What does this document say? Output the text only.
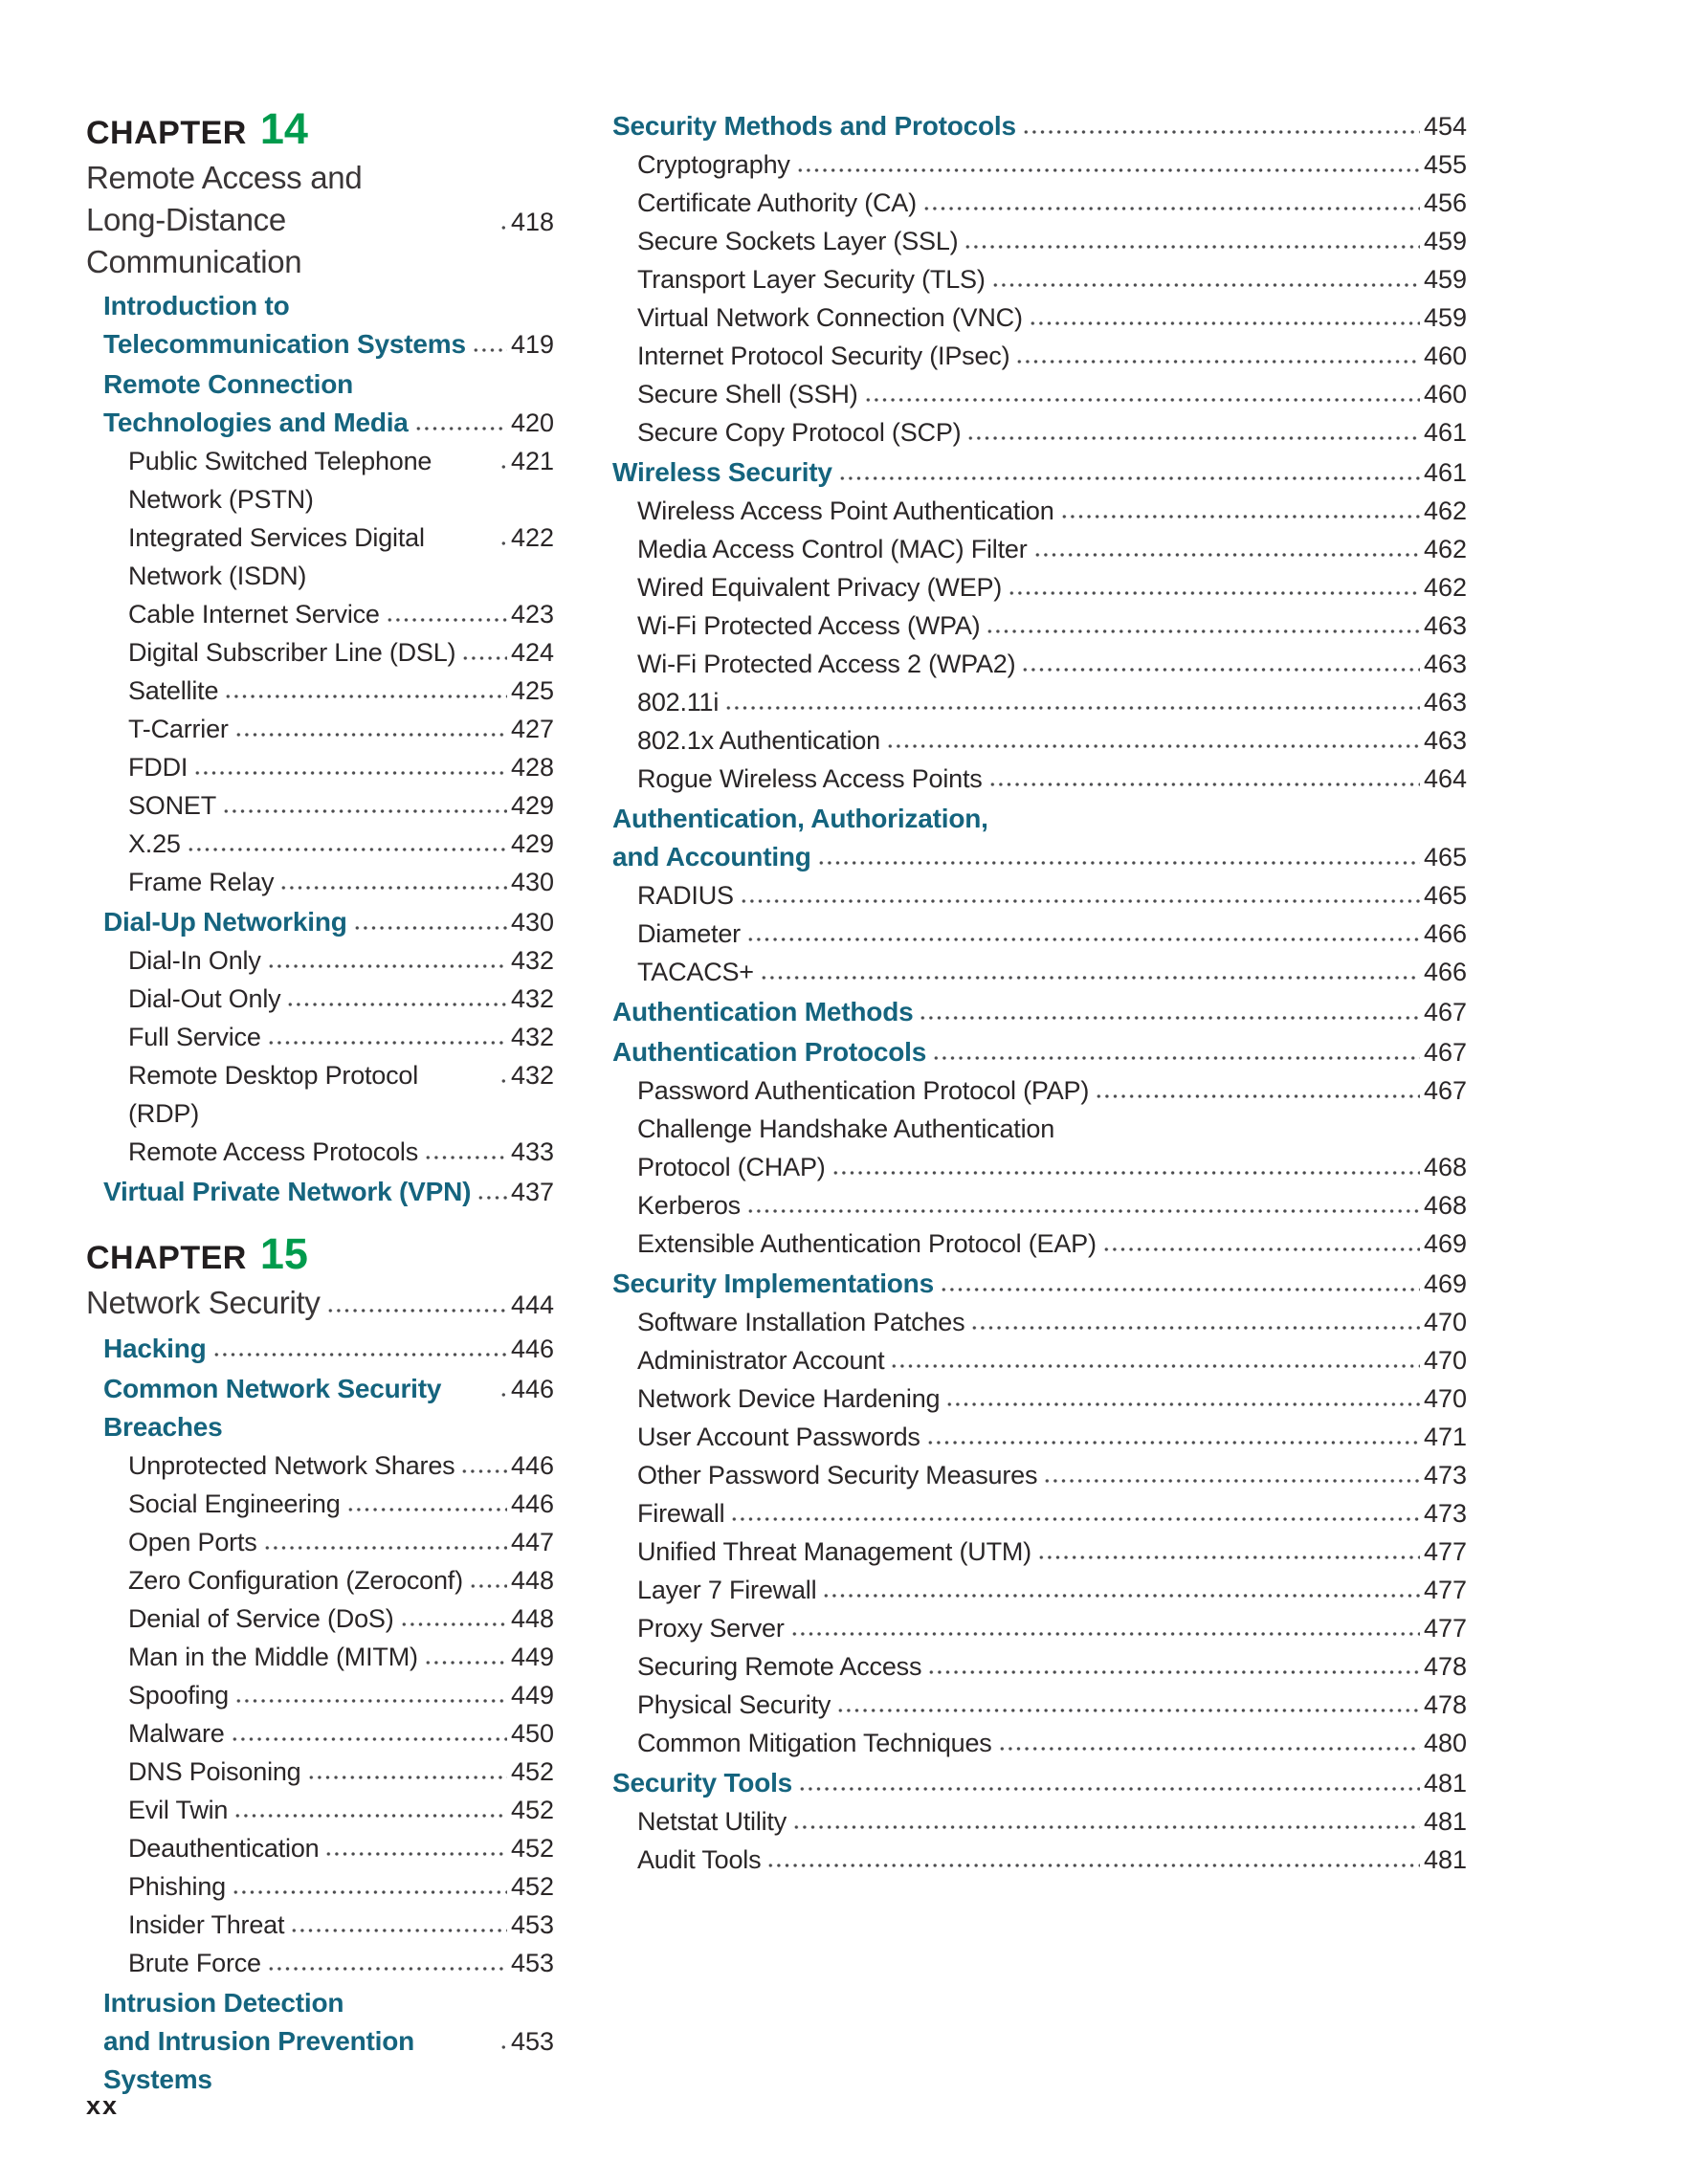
CHAPTER 14
Remote Access and
Long-Distance Communication
418
Introduction to
Telecommunication Systems 419
Remote Connection
Technologies and Media	420
Public Switched Telephone Network (PSTN)
421
Integrated Services Digital Network (ISDN)
422
Cable Internet Service	423
Digital Subscriber Line (DSL) 424
Satellite	425
T-Carrier	427
FDDI	428
SONET	429
X.25	429
Frame Relay	430
Dial-Up Networking	430
Dial-In Only	432
Dial-Out Only	432
Full Service	432
Remote Desktop Protocol (RDP)
432
Remote Access Protocols	433
Virtual Private Network (VPN) 437
CHAPTER 15
Network Security	444
Hacking	446
Common Network Security Breaches
446
Unprotected Network Shares 446
Social Engineering	446
Open Ports	447
Zero Configuration (Zeroconf) 448
Denial of Service (DoS)	448
Man in the Middle (MITM)	449
Spoofing	449
Malware	450
DNS Poisoning	452
Evil Twin	452
Deauthentication	452
Phishing	452
Insider Threat	453
Brute Force	453
Intrusion Detection
and Intrusion Prevention Systems
453
Security Methods and Protocols	454
Cryptography	455
Certificate Authority (CA)	456
Secure Sockets Layer (SSL)	459
Transport Layer Security (TLS)	459
Virtual Network Connection (VNC)	459
Internet Protocol Security (IPsec)	460
Secure Shell (SSH)	460
Secure Copy Protocol (SCP)	461
Wireless Security	461
Wireless Access Point Authentication	462
Media Access Control (MAC) Filter	462
Wired Equivalent Privacy (WEP)	462
Wi-Fi Protected Access (WPA)	463
Wi-Fi Protected Access 2 (WPA2)	463
802.11i	463
802.1x Authentication	463
Rogue Wireless Access Points	464
Authentication, Authorization,
and Accounting	465
RADIUS	465
Diameter	466
TACACS+	466
Authentication Methods	467
Authentication Protocols	467
Password Authentication Protocol (PAP)	467
Challenge Handshake Authentication
Protocol (CHAP)	468
Kerberos	468
Extensible Authentication Protocol (EAP)	469
Security Implementations	469
Software Installation Patches	470
Administrator Account	470
Network Device Hardening	470
User Account Passwords	471
Other Password Security Measures	473
Firewall	473
Unified Threat Management (UTM)	477
Layer 7 Firewall	477
Proxy Server	477
Securing Remote Access	478
Physical Security	478
Common Mitigation Techniques	480
Security Tools	481
Netstat Utility	481
Audit Tools	481
xx
